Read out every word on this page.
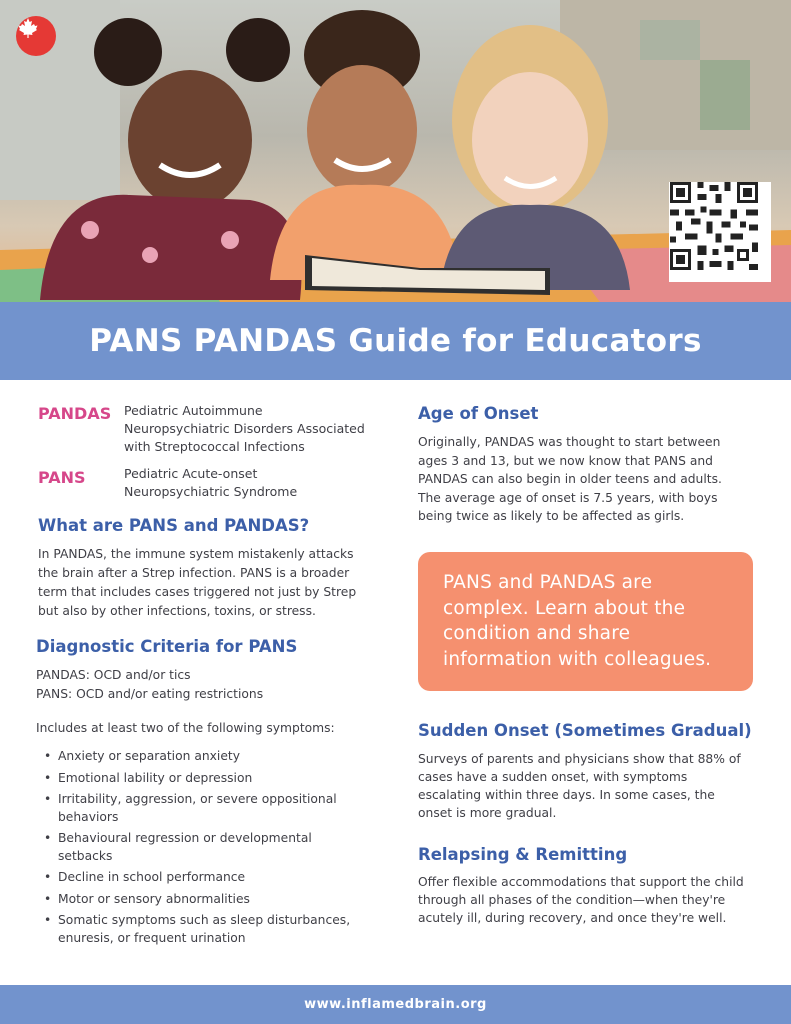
PANS PANDAS Guide for Educators
PANDAS	Pediatric Autoimmune
Neuropsychiatric Disorders Associated
with Streptococcal Infections
PANS	Pediatric Acute-onset
Neuropsychiatric Syndrome
What are PANS and PANDAS?

In PANDAS, the immune system mistakenly attacks
the brain after a Strep infection. PANS is a broader
term that includes cases triggered not just by Strep
but also by other infections, toxins, or stress.

Diagnostic Criteria for PANS

PANDAS: OCD and/or tics
PANS: OCD and/or eating restrictions

Includes at least two of the following symptoms:

• Anxiety or separation anxiety
• Emotional lability or depression
• Irritability, aggression, or severe oppositional
behaviors
• Behavioural regression or developmental
setbacks
• Decline in school performance
• Motor or sensory abnormalities
• Somatic symptoms such as sleep disturbances,
enuresis, or frequent urination
Age of Onset

Originally, PANDAS was thought to start between
ages 3 and 13, but we now know that PANS and
PANDAS can also begin in older teens and adults.
The average age of onset is 7.5 years, with boys
being twice as likely to be affected as girls.

PANS and PANDAS are
complex. Learn about the
condition and share
information with colleagues.

Sudden Onset (Sometimes Gradual)

Surveys of parents and physicians show that 88% of
cases have a sudden onset, with symptoms
escalating within three days. In some cases, the
onset is more gradual.

Relapsing & Remitting

Offer flexible accommodations that support the child
through all phases of the condition—when they're
acutely ill, during recovery, and once they're well.

www.inflamedbrain.org
